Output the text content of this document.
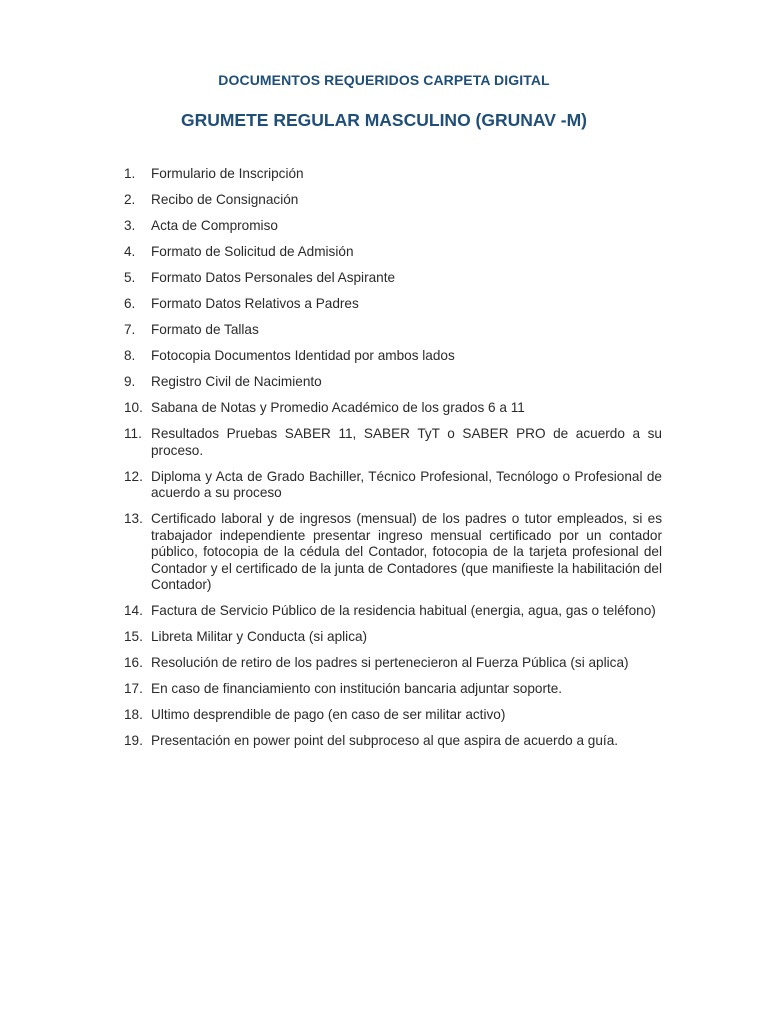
DOCUMENTOS REQUERIDOS CARPETA DIGITAL
GRUMETE REGULAR MASCULINO (GRUNAV -M)
1.	Formulario de Inscripción
2.	Recibo de Consignación
3.	Acta de Compromiso
4.	Formato de Solicitud de Admisión
5.	Formato Datos Personales del Aspirante
6.	Formato Datos Relativos a Padres
7.	Formato de Tallas
8.	Fotocopia Documentos Identidad por ambos lados
9.	Registro Civil de Nacimiento
10. Sabana de Notas y Promedio Académico de los grados 6 a 11
11. Resultados Pruebas SABER 11, SABER TyT o SABER PRO de acuerdo a su proceso.
12. Diploma y Acta de Grado Bachiller, Técnico Profesional, Tecnólogo o Profesional de acuerdo a su proceso
13. Certificado laboral y de ingresos (mensual) de los padres o tutor empleados, si es trabajador independiente presentar ingreso mensual certificado por un contador público, fotocopia de la cédula del Contador, fotocopia de la tarjeta profesional del Contador y el certificado de la junta de Contadores (que manifieste la habilitación del Contador)
14. Factura de Servicio Público de la residencia habitual (energia, agua, gas o teléfono)
15. Libreta Militar y Conducta (si aplica)
16. Resolución de retiro de los padres si pertenecieron al Fuerza Pública (si aplica)
17. En caso de financiamiento con institución bancaria adjuntar soporte.
18. Ultimo desprendible de pago (en caso de ser militar activo)
19. Presentación en power point del subproceso al que aspira de acuerdo a guía.
